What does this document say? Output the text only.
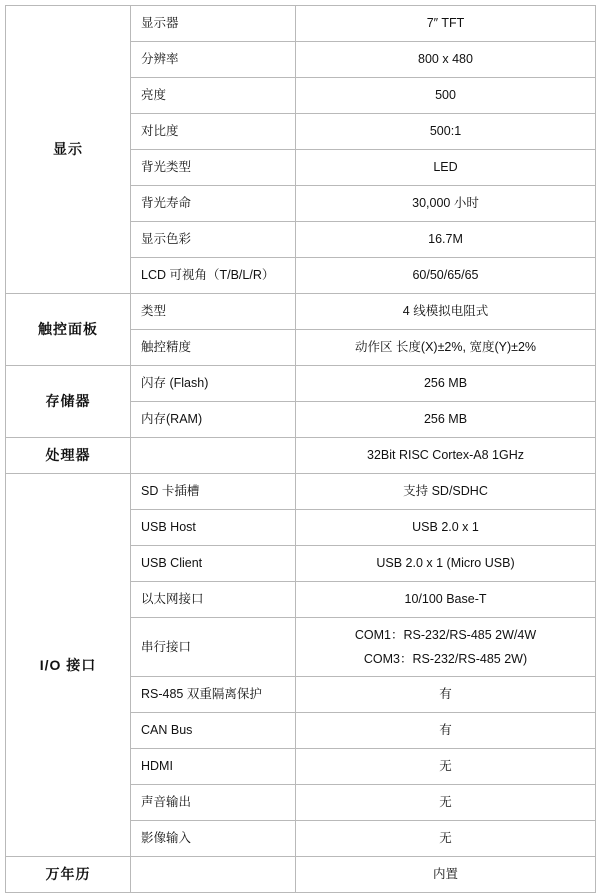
显示	显示器	7″ TFT

	分辨率	800 x 480

	亮度	500

	对比度	500:1

	背光类型	LED

	背光寿命	30,000 小时

	显示色彩	16.7M

	LCD 可视角（T/B/L/R）	60/50/65/65

触控面板	类型	4 线模拟电阻式

	触控精度	动作区 长度(X)±2%, 宽度(Y)±2%

存储器	闪存 (Flash)	256 MB

	内存(RAM)	256 MB

处理器		32Bit RISC Cortex-A8 1GHz

I/O 接口	SD 卡插槽	支持 SD/SDHC

	USB Host	USB 2.0 x 1

	USB Client	USB 2.0 x 1 (Micro USB)

	以太网接口	10/100 Base-T

	串行接口	COM1：RS-232/RS-485 2W/4W
COM3：RS-232/RS-485 2W)

	RS-485 双重隔离保护	有

	CAN Bus	有

	HDMI	无

	声音输出	无

	影像输入	无

万年历		内置
